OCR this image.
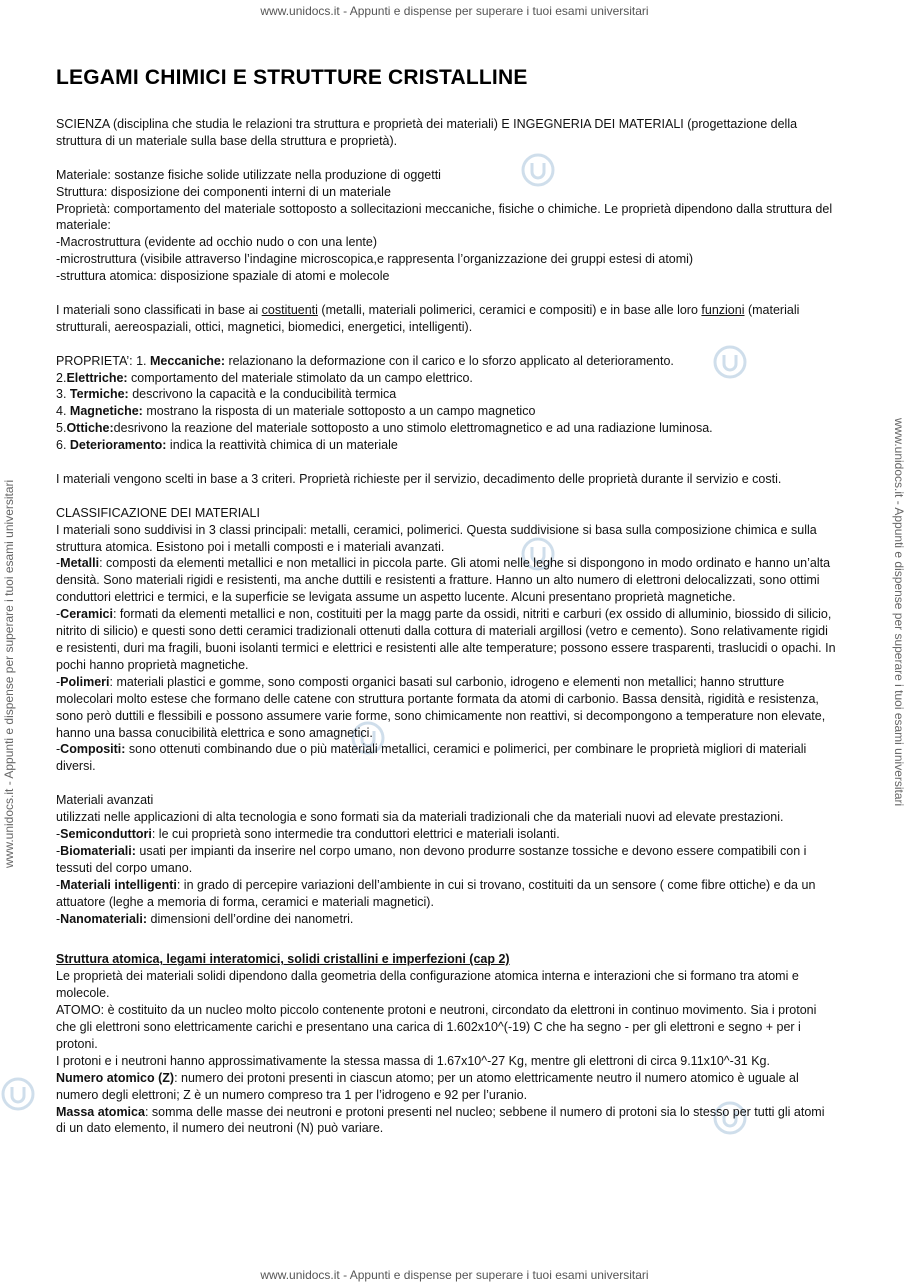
www.unidocs.it - Appunti e dispense per superare i tuoi esami universitari
www.unidocs.it - Appunti e dispense per superare i tuoi esami universitari	www.unidocs.it - Appunti e dispense per superare i tuoi esami universitari
LEGAMI CHIMICI E STRUTTURE CRISTALLINE
SCIENZA (disciplina che studia le relazioni tra struttura e proprietà dei materiali) E INGEGNERIA DEI MATERIALI (progettazione della struttura di un materiale sulla base della struttura e proprietà).
Materiale: sostanze fisiche solide utilizzate nella produzione di oggetti
Struttura: disposizione dei componenti interni di un materiale
Proprietà: comportamento del materiale sottoposto a sollecitazioni meccaniche, fisiche o chimiche. Le proprietà dipendono dalla struttura del materiale:
-Macrostruttura (evidente ad occhio nudo o con una lente)
-microstruttura (visibile attraverso l’indagine microscopica,e rappresenta l’organizzazione dei gruppi estesi di atomi)
-struttura atomica: disposizione spaziale di atomi e molecole
I materiali sono classificati in base ai costituenti (metalli, materiali polimerici, ceramici e compositi) e in base alle loro funzioni (materiali strutturali, aereospaziali, ottici, magnetici, biomedici, energetici, intelligenti).
PROPRIETA’: 1. Meccaniche: relazionano la deformazione con il carico e lo sforzo applicato al deterioramento.
2.Elettriche: comportamento del materiale stimolato da un campo elettrico.
3. Termiche: descrivono la capacità e la conducibilità termica
4. Magnetiche: mostrano la risposta di un materiale sottoposto a un campo magnetico
5.Ottiche:desrivono la reazione del materiale sottoposto a uno stimolo elettromagnetico e ad una radiazione luminosa.
6. Deterioramento: indica la reattività chimica di un materiale
I materiali vengono scelti in base a 3 criteri. Proprietà richieste per il servizio, decadimento delle proprietà durante il servizio e costi.
CLASSIFICAZIONE DEI MATERIALI
I materiali sono suddivisi in 3 classi principali: metalli, ceramici, polimerici. Questa suddivisione si basa sulla composizione chimica e sulla struttura atomica. Esistono poi i metalli composti e i materiali avanzati.
-Metalli: composti da elementi metallici e non metallici in piccola parte. Gli atomi nelle leghe si dispongono in modo ordinato e hanno un’alta densità. Sono materiali rigidi e resistenti, ma anche duttili e resistenti a fratture. Hanno un alto numero di elettroni delocalizzati, sono ottimi conduttori elettrici e termici, e la superficie se levigata assume un aspetto lucente. Alcuni presentano proprietà magnetiche.
-Ceramici: formati da elementi metallici e non, costituiti per la magg parte da ossidi, nitriti e carburi (ex ossido di alluminio, biossido di silicio, nitrito di silicio) e questi sono detti ceramici tradizionali ottenuti dalla cottura di materiali argillosi (vetro e cemento). Sono relativamente rigidi e resistenti, duri ma fragili, buoni isolanti termici e elettrici e resistenti alle alte temperature; possono essere trasparenti, traslucidi o opachi. In pochi hanno proprietà magnetiche.
-Polimeri: materiali plastici e gomme, sono composti organici basati sul carbonio, idrogeno e elementi non metallici; hanno strutture molecolari molto estese che formano delle catene con struttura portante formata da atomi di carbonio. Bassa densità, rigidità e resistenza, sono però duttili e flessibili e possono assumere varie forme, sono chimicamente non reattivi, si decompongono a temperature non elevate, hanno una bassa conucibilità elettrica e sono amagnetici.
-Compositi: sono ottenuti combinando due o più materiali metallici, ceramici e polimerici, per combinare le proprietà migliori di materiali diversi.
Materiali avanzati
utilizzati nelle applicazioni di alta tecnologia e sono formati sia da materiali tradizionali che da materiali nuovi ad elevate prestazioni.
-Semiconduttori: le cui proprietà sono intermedie tra conduttori elettrici e materiali isolanti.
-Biomateriali: usati per impianti da inserire nel corpo umano, non devono produrre sostanze tossiche e devono essere compatibili con i tessuti del corpo umano.
-Materiali intelligenti: in grado di percepire variazioni dell’ambiente in cui si trovano, costituiti da un sensore ( come fibre ottiche) e da un attuatore (leghe a memoria di forma, ceramici e materiali magnetici).
-Nanomateriali: dimensioni dell’ordine dei nanometri.
Struttura atomica, legami interatomici, solidi cristallini e imperfezioni (cap 2)
Le proprietà dei materiali solidi dipendono dalla geometria della configurazione atomica interna e interazioni che si formano tra atomi e molecole.
ATOMO: è costituito da un nucleo molto piccolo contenente protoni e neutroni, circondato da elettroni in continuo movimento. Sia i protoni che gli elettroni sono elettricamente carichi e presentano una carica di 1.602x10^(-19) C che ha segno - per gli elettroni e segno + per i protoni.
I protoni e i neutroni hanno approssimativamente la stessa massa di 1.67x10^-27 Kg, mentre gli elettroni di circa 9.11x10^-31 Kg.
Numero atomico (Z): numero dei protoni presenti in ciascun atomo; per un atomo elettricamente neutro il numero atomico è uguale al numero degli elettroni; Z è un numero compreso tra 1 per l’idrogeno e 92 per l’uranio.
Massa atomica: somma delle masse dei neutroni e protoni presenti nel nucleo; sebbene il numero di protoni sia lo stesso per tutti gli atomi di un dato elemento, il numero dei neutroni (N) può variare.
www.unidocs.it - Appunti e dispense per superare i tuoi esami universitari
